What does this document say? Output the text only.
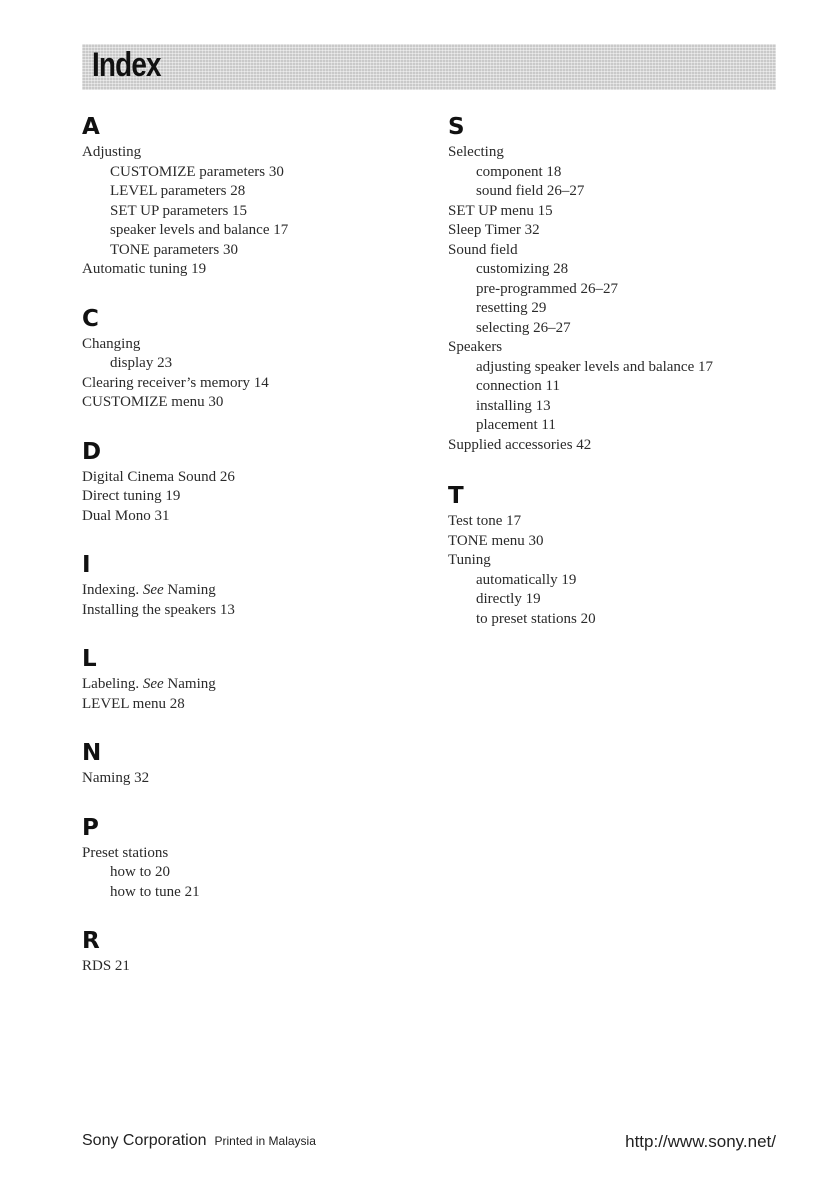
Index
A
Adjusting
CUSTOMIZE parameters 30
LEVEL parameters 28
SET UP parameters 15
speaker levels and balance 17
TONE parameters 30
Automatic tuning 19
C
Changing
display 23
Clearing receiver’s memory 14
CUSTOMIZE menu 30
D
Digital Cinema Sound 26
Direct tuning 19
Dual Mono 31
I
Indexing. See Naming
Installing the speakers 13
L
Labeling. See Naming
LEVEL menu 28
N
Naming 32
P
Preset stations
how to 20
how to tune 21
R
RDS 21
S
Selecting
component 18
sound field 26–27
SET UP menu 15
Sleep Timer 32
Sound field
customizing 28
pre-programmed 26–27
resetting 29
selecting 26–27
Speakers
adjusting speaker levels and balance 17
connection 11
installing 13
placement 11
Supplied accessories 42
T
Test tone 17
TONE menu 30
Tuning
automatically 19
directly 19
to preset stations 20
Sony Corporation Printed in Malaysia	http://www.sony.net/
